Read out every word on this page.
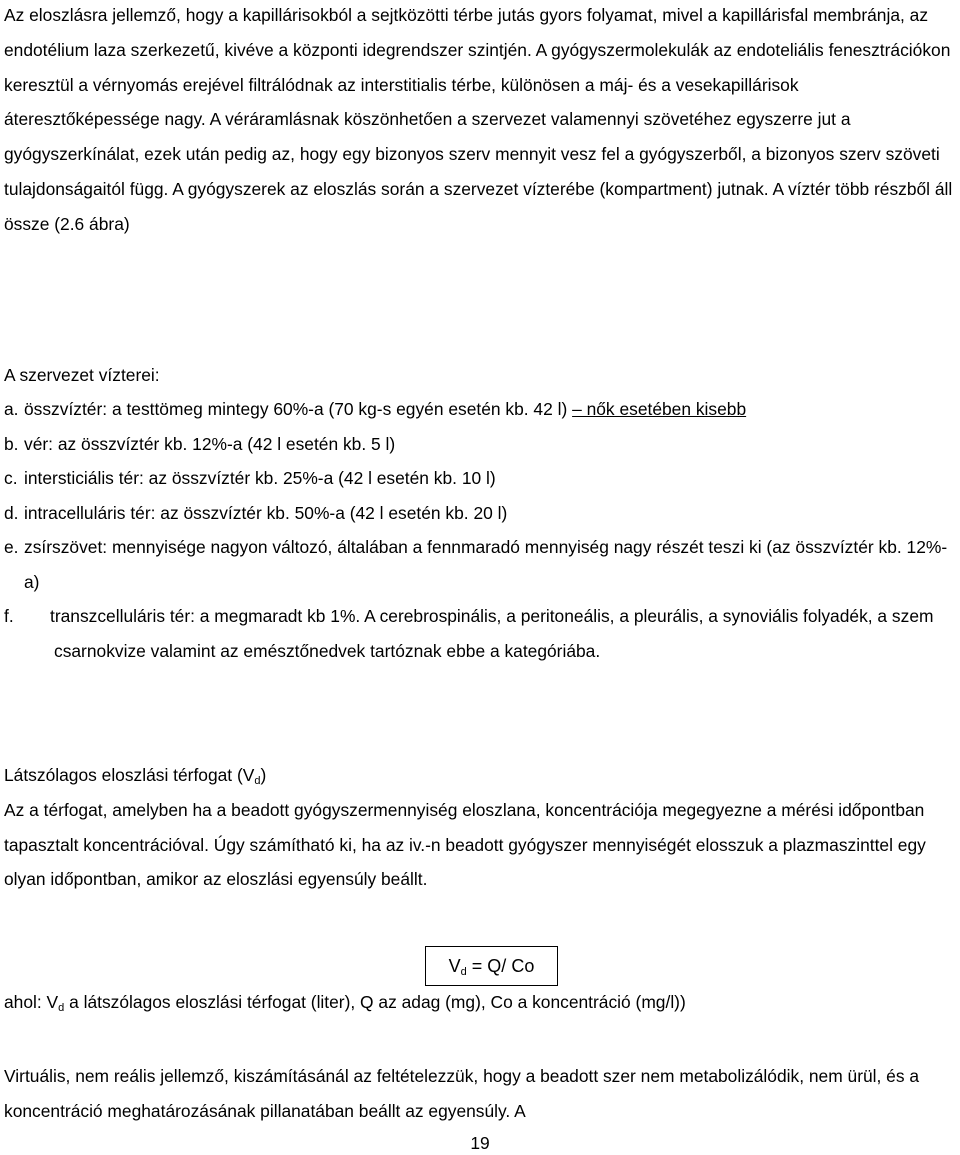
Az eloszlásra jellemző, hogy a kapillárisokból a sejtközötti térbe jutás gyors folyamat, mivel a kapillárisfal membránja, az endotélium laza szerkezetű, kivéve a központi idegrendszer szintjén. A gyógyszermolekulák az endoteliális fenesztrációkon keresztül a vérnyomás erejével filtrálódnak az interstitialis térbe, különösen a máj- és a vesekapillárisok áteresztőképessége nagy. A véráramlásnak köszönhetően a szervezet valamennyi szövetéhez egyszerre jut a gyógyszerkínálat, ezek után pedig az, hogy egy bizonyos szerv mennyit vesz fel a gyógyszerből, a bizonyos szerv szöveti tulajdonságaitól függ. A gyógyszerek az eloszlás során a szervezet vízterébe (kompartment) jutnak. A víztér több részből áll össze (2.6 ábra)

A szervezet vízterei:
a. összvíztér: a testtömeg mintegy 60%-a (70 kg-s egyén esetén kb. 42 l) – nők esetében kisebb
b. vér: az összvíztér kb. 12%-a (42 l esetén kb. 5 l)
c. intersticiális tér: az összvíztér kb. 25%-a (42 l esetén kb. 10 l)
d. intracelluláris tér: az összvíztér kb. 50%-a (42 l esetén kb. 20 l)
e. zsírszövet: mennyisége nagyon változó, általában a fennmaradó mennyiség nagy részét teszi ki (az összvíztér kb. 12%-a)
f.	transzcelluláris tér: a megmaradt kb 1%. A cerebrospinális, a peritoneális, a pleurális, a synoviális folyadék, a szem csarnokvize valamint az emésztőnedvek tartóznak ebbe a kategóriába.
Látszólagos eloszlási térfogat $(V_d)$

Az a térfogat, amelyben ha a beadott gyógyszermennyiség eloszlana, koncentrációja megegyezne a mérési időpontban tapasztalt koncentrációval. Úgy számítható ki, ha az iv.-n beadott gyógyszer mennyiségét elosszuk a plazmaszinttel egy olyan időpontban, amikor az eloszlási egyensúly beállt.

$V_d = Q/$ Co
ahol: $V_d$ a látszólagos eloszlási térfogat (liter), Q az adag (mg), Co a koncentráció (mg/l))

Virtuális, nem reális jellemző, kiszámításánál az feltételezzük, hogy a beadott szer nem metabolizálódik, nem ürül, és a koncentráció meghatározásának pillanatában beállt az egyensúly. A

19
